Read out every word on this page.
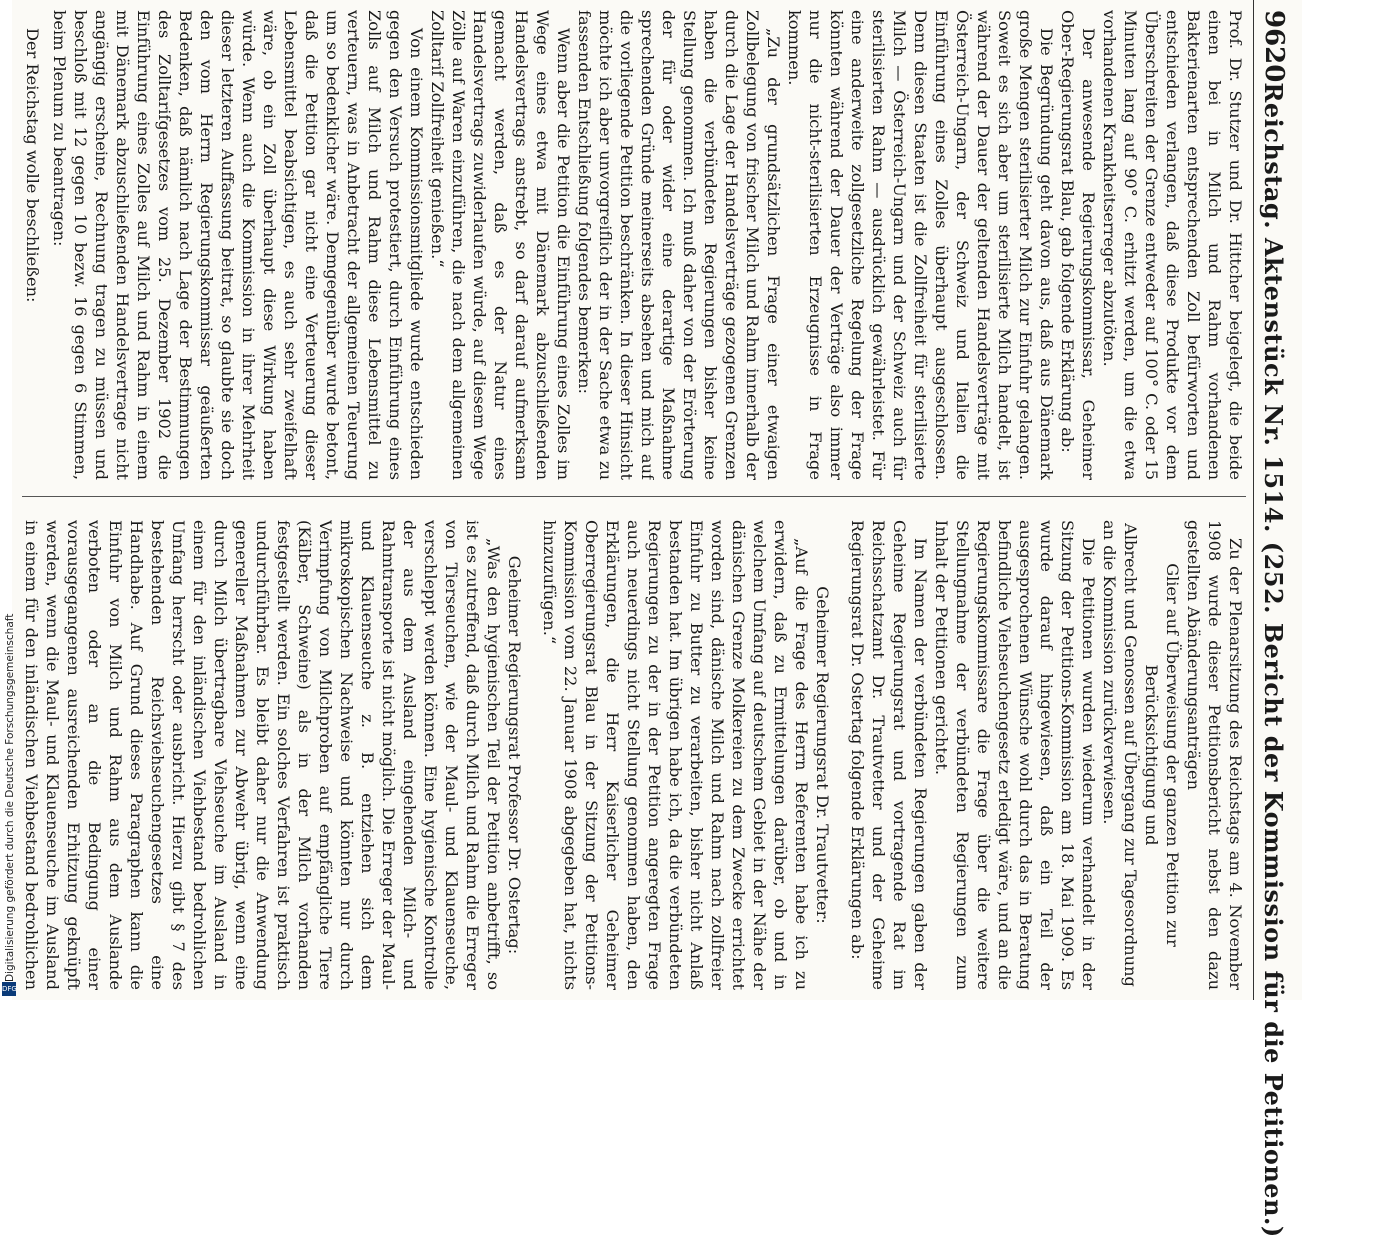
9620
Reichstag. Aktenstück Nr. 1514. (252. Bericht der Kommission für die Petitionen.)

Prof. Dr. Stutzer und Dr. Hittcher beigelegt, die beide einen bei in Milch und Rahm vorhandenen Bakterienarten entsprechenden Zoll befürworten und entschieden verlangen, daß diese Produkte vor dem Überschreiten der Grenze entweder auf 100° C. oder 15 Minuten lang auf 90° C. erhitzt werden, um die etwa vorhandenen Krankheitserreger abzutöten.

Der anwesende Regierungskommissar, Geheimer Ober-Regierungsrat Blau, gab folgende Erklärung ab:

Die Begründung geht davon aus, daß aus Dänemark große Mengen sterilisierter Milch zur Einfuhr gelangen. Soweit es sich aber um sterilisierte Milch handelt, ist während der Dauer der geltenden Handelsverträge mit Österreich-Ungarn, der Schweiz und Italien die Einführung eines Zolles überhaupt ausgeschlossen. Denn diesen Staaten ist die Zollfreiheit für sterilisierte Milch — Österreich-Ungarn und der Schweiz auch für sterilisierten Rahm — ausdrücklich gewährleistet. Für eine anderweite zollgesetzliche Regelung der Frage könnten während der Dauer der Verträge also immer nur die nicht-sterilisierten Erzeugnisse in Frage kommen.

„Zu der grundsätzlichen Frage einer etwaigen Zollbelegung von frischer Milch und Rahm innerhalb der durch die Lage der Handelsverträge gezogenen Grenzen haben die verbündeten Regierungen bisher keine Stellung genommen. Ich muß daher von der Erörterung der für oder wider eine derartige Maßnahme sprechenden Gründe meinerseits absehen und mich auf die vorliegende Petition beschränken. In dieser Hinsicht möchte ich aber unvorgreiflich der in der Sache etwa zu fassenden Entschließung folgendes bemerken:

Wenn aber die Petition die Einführung eines Zolles im Wege eines etwa mit Dänemark abzuschließenden Handelsvertrags anstrebt, so darf darauf aufmerksam gemacht werden, daß es der Natur eines Handelsvertrags zuwiderlaufen würde, auf diesem Wege Zölle auf Waren einzuführen, die nach dem allgemeinen Zolltarif Zollfreiheit genießen.“

Von einem Kommissionsmitgliede wurde entschieden gegen den Versuch protestiert, durch Einführung eines Zolls auf Milch und Rahm diese Lebensmittel zu verteuern, was in Anbetracht der allgemeinen Teuerung um so bedenklicher wäre. Demgegenüber wurde betont, daß die Petition gar nicht eine Verteuerung dieser Lebensmittel beabsichtigen, es auch sehr zweifelhaft wäre, ob ein Zoll überhaupt diese Wirkung haben würde. Wenn auch die Kommission in ihrer Mehrheit dieser letzteren Auffassung beitrat, so glaubte sie doch den vom Herrn Regierungskommissar geäußerten Bedenken, daß nämlich nach Lage der Bestimmungen des Zolltarifgesetzes vom 25. Dezember 1902 die Einführung eines Zolles auf Milch und Rahm in einem mit Dänemark abzuschließenden Handelsvertrage nicht angängig erscheine, Rechnung tragen zu müssen und beschloß mit 12 gegen 10 bezw. 16 gegen 6 Stimmen, beim Plenum zu beantragen:

Der Reichstag wolle beschließen:

Zu der Plenarsitzung des Reichstags am 4. November 1908 wurde dieser Petitionsbericht nebst den dazu gestellten Abänderungsanträgen

Glier auf Überweisung der ganzen Petition zur Berücksichtigung und

Albrecht und Genossen auf Übergang zur Tagesordnung

an die Kommission zurückverwiesen.

Die Petitionen wurden wiederum verhandelt in der Sitzung der Petitions-Kommission am 18. Mai 1909. Es wurde darauf hingewiesen, daß ein Teil der ausgesprochenen Wünsche wohl durch das in Beratung befindliche Viehseuchengesetz erledigt wäre, und an die Regierungskommissare die Frage über die weitere Stellungnahme der verbündeten Regierungen zum Inhalt der Petitionen gerichtet.

Im Namen der verbündeten Regierungen gaben der Geheime Regierungsrat und vortragende Rat im Reichsschatzamt Dr. Trautvetter und der Geheime Regierungsrat Dr. Ostertag folgende Erklärungen ab:

Geheimer Regierungsrat Dr. Trautvetter:

„Auf die Frage des Herrn Referenten habe ich zu erwidern, daß zu Ermittelungen darüber, ob und in welchem Umfang auf deutschem Gebiet in der Nähe der dänischen Grenze Molkereien zu dem Zwecke errichtet worden sind, dänische Milch und Rahm nach zollfreier Einfuhr zu Butter zu verarbeiten, bisher nicht Anlaß bestanden hat. Im übrigen habe ich, da die verbündeten Regierungen zu der in der Petition angeregten Frage auch neuerdings nicht Stellung genommen haben, den Erklärungen, die Herr Kaiserlicher Geheimer Oberregierungsrat Blau in der Sitzung der Petitions-Kommission vom 22. Januar 1908 abgegeben hat, nichts hinzuzufügen.“

Geheimer Regierungsrat Professor Dr. Ostertag:

„Was den hygienischen Teil der Petition anbetrifft, so ist es zutreffend, daß durch Milch und Rahm die Erreger von Tierseuchen, wie der Maul- und Klauenseuche, verschleppt werden können. Eine hygienische Kontrolle der aus dem Ausland eingehenden Milch- und Rahmtransporte ist nicht möglich. Die Erreger der Maul- und Klauenseuche z. B. entziehen sich dem mikroskopischen Nachweise und könnten nur durch Verimpfung von Milchproben auf empfängliche Tiere (Kälber, Schweine) als in der Milch vorhanden festgestellt werden. Ein solches Verfahren ist praktisch undurchführbar. Es bleibt daher nur die Anwendung genereller Maßnahmen zur Abwehr übrig, wenn eine durch Milch übertragbare Viehseuche im Ausland in einem für den inländischen Viehbestand bedrohlichen Umfang herrscht oder ausbricht. Hierzu gibt § 7 des bestehenden Reichsviehseuchengesetzes eine Handhabe. Auf Grund dieses Paragraphen kann die Einfuhr von Milch und Rahm aus dem Auslande verboten oder an die Bedingung einer vorausgegangenen ausreichenden Erhitzung geknüpft werden, wenn die Maul- und Klauenseuche im Ausland in einem für den inländischen Viehbestand bedrohlichen

Digitalisierung gefördert durch die Deutsche Forschungsgemeinschaft
DFG
